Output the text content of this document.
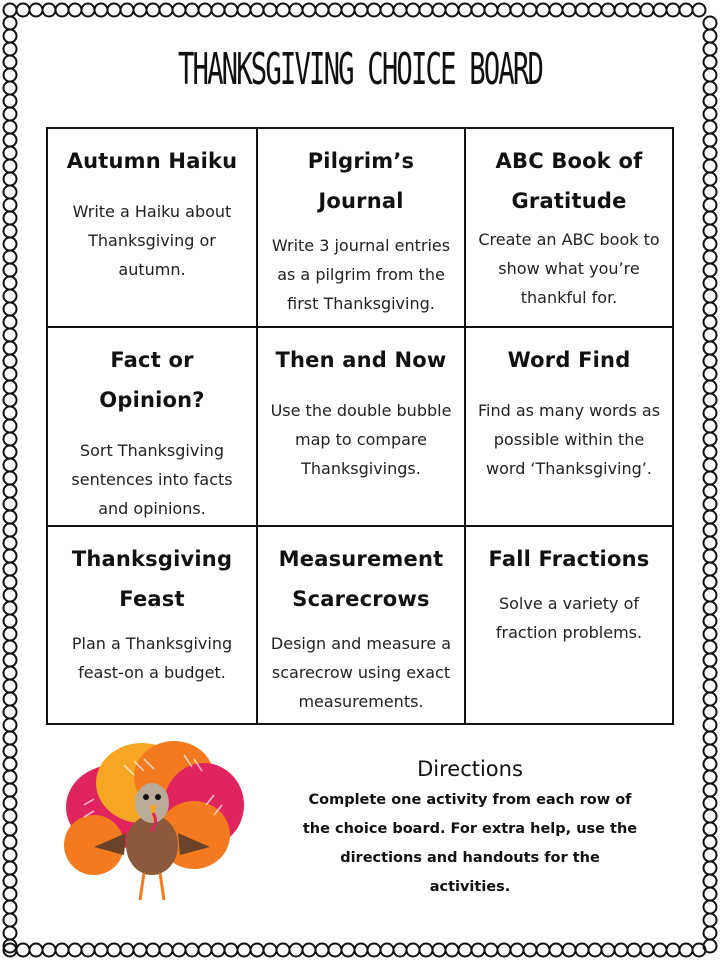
THANKSGIVING CHOICE BOARD

Autumn Haiku

Write a Haiku about Thanksgiving or autumn.

Pilgrim’s Journal

Write 3 journal entries as a pilgrim from the first Thanksgiving.

ABC Book of Gratitude

Create an ABC book to show what you’re thankful for.

Fact or Opinion?

Sort Thanksgiving sentences into facts and opinions.

Then and Now

Use the double bubble map to compare Thanksgivings.

Word Find

Find as many words as possible within the word ‘Thanksgiving’.

Thanksgiving Feast

Plan a Thanksgiving feast-on a budget.

Measurement Scarecrows

Design and measure a scarecrow using exact measurements.

Fall Fractions

Solve a variety of fraction problems.

Directions

Complete one activity from each row of the choice board. For extra help, use the directions and handouts for the activities.
